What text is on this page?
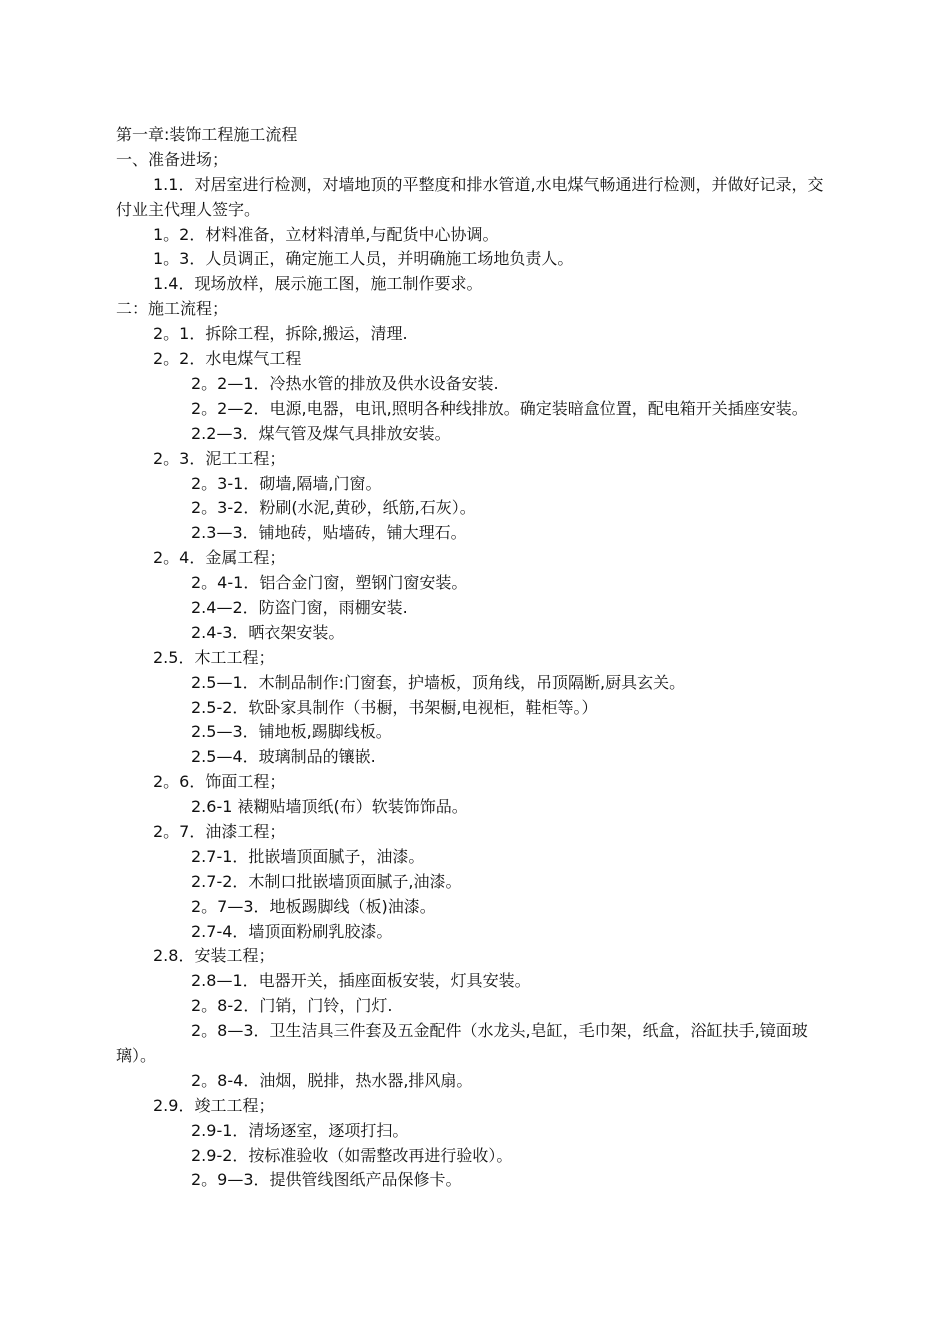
第一章:装饰工程施工流程

一、准备进场；

1.1．对居室进行检测，对墙地顶的平整度和排水管道,水电煤气畅通进行检测，并做好记录，交付业主代理人签字。

1。2．材料准备，立材料清单,与配货中心协调。

1。3．人员调正，确定施工人员，并明确施工场地负责人。

1.4．现场放样，展示施工图，施工制作要求。

二：施工流程；

2。1．拆除工程，拆除,搬运，清理.

2。2．水电煤气工程

2。2—1．冷热水管的排放及供水设备安装.

2。2—2．电源,电器，电讯,照明各种线排放。确定装暗盒位置，配电箱开关插座安装。

2.2—3．煤气管及煤气具排放安装。

2。3．泥工工程；

2。3-1．砌墙,隔墙,门窗。

2。3-2．粉刷(水泥,黄砂，纸筋,石灰）。

2.3—3．铺地砖，贴墙砖，铺大理石。

2。4．金属工程；

2。4-1．铝合金门窗，塑钢门窗安装。

2.4—2．防盗门窗，雨棚安装.

2.4-3．晒衣架安装。

2.5．木工工程；

2.5—1．木制品制作:门窗套，护墙板，顶角线，吊顶隔断,厨具玄关。

2.5-2．软卧家具制作（书橱，书架橱,电视柜，鞋柜等。）

2.5—3．铺地板,踢脚线板。

2.5—4．玻璃制品的镶嵌.

2。6．饰面工程；

2.6-1 裱糊贴墙顶纸(布）软装饰饰品。

2。7．油漆工程；

2.7-1．批嵌墙顶面腻子，油漆。

2.7-2．木制口批嵌墙顶面腻子,油漆。

2。7—3．地板踢脚线（板)油漆。

2.7-4．墙顶面粉刷乳胶漆。

2.8．安装工程；

2.8—1．电器开关，插座面板安装，灯具安装。

2。8-2．门销，门铃，门灯.

2。8—3．卫生洁具三件套及五金配件（水龙头,皂缸，毛巾架，纸盒，浴缸扶手,镜面玻璃）。

2。8-4．油烟，脱排，热水器,排风扇。

2.9．竣工工程；

2.9-1．清场逐室，逐项打扫。

2.9-2．按标准验收（如需整改再进行验收）。

2。9—3．提供管线图纸产品保修卡。
